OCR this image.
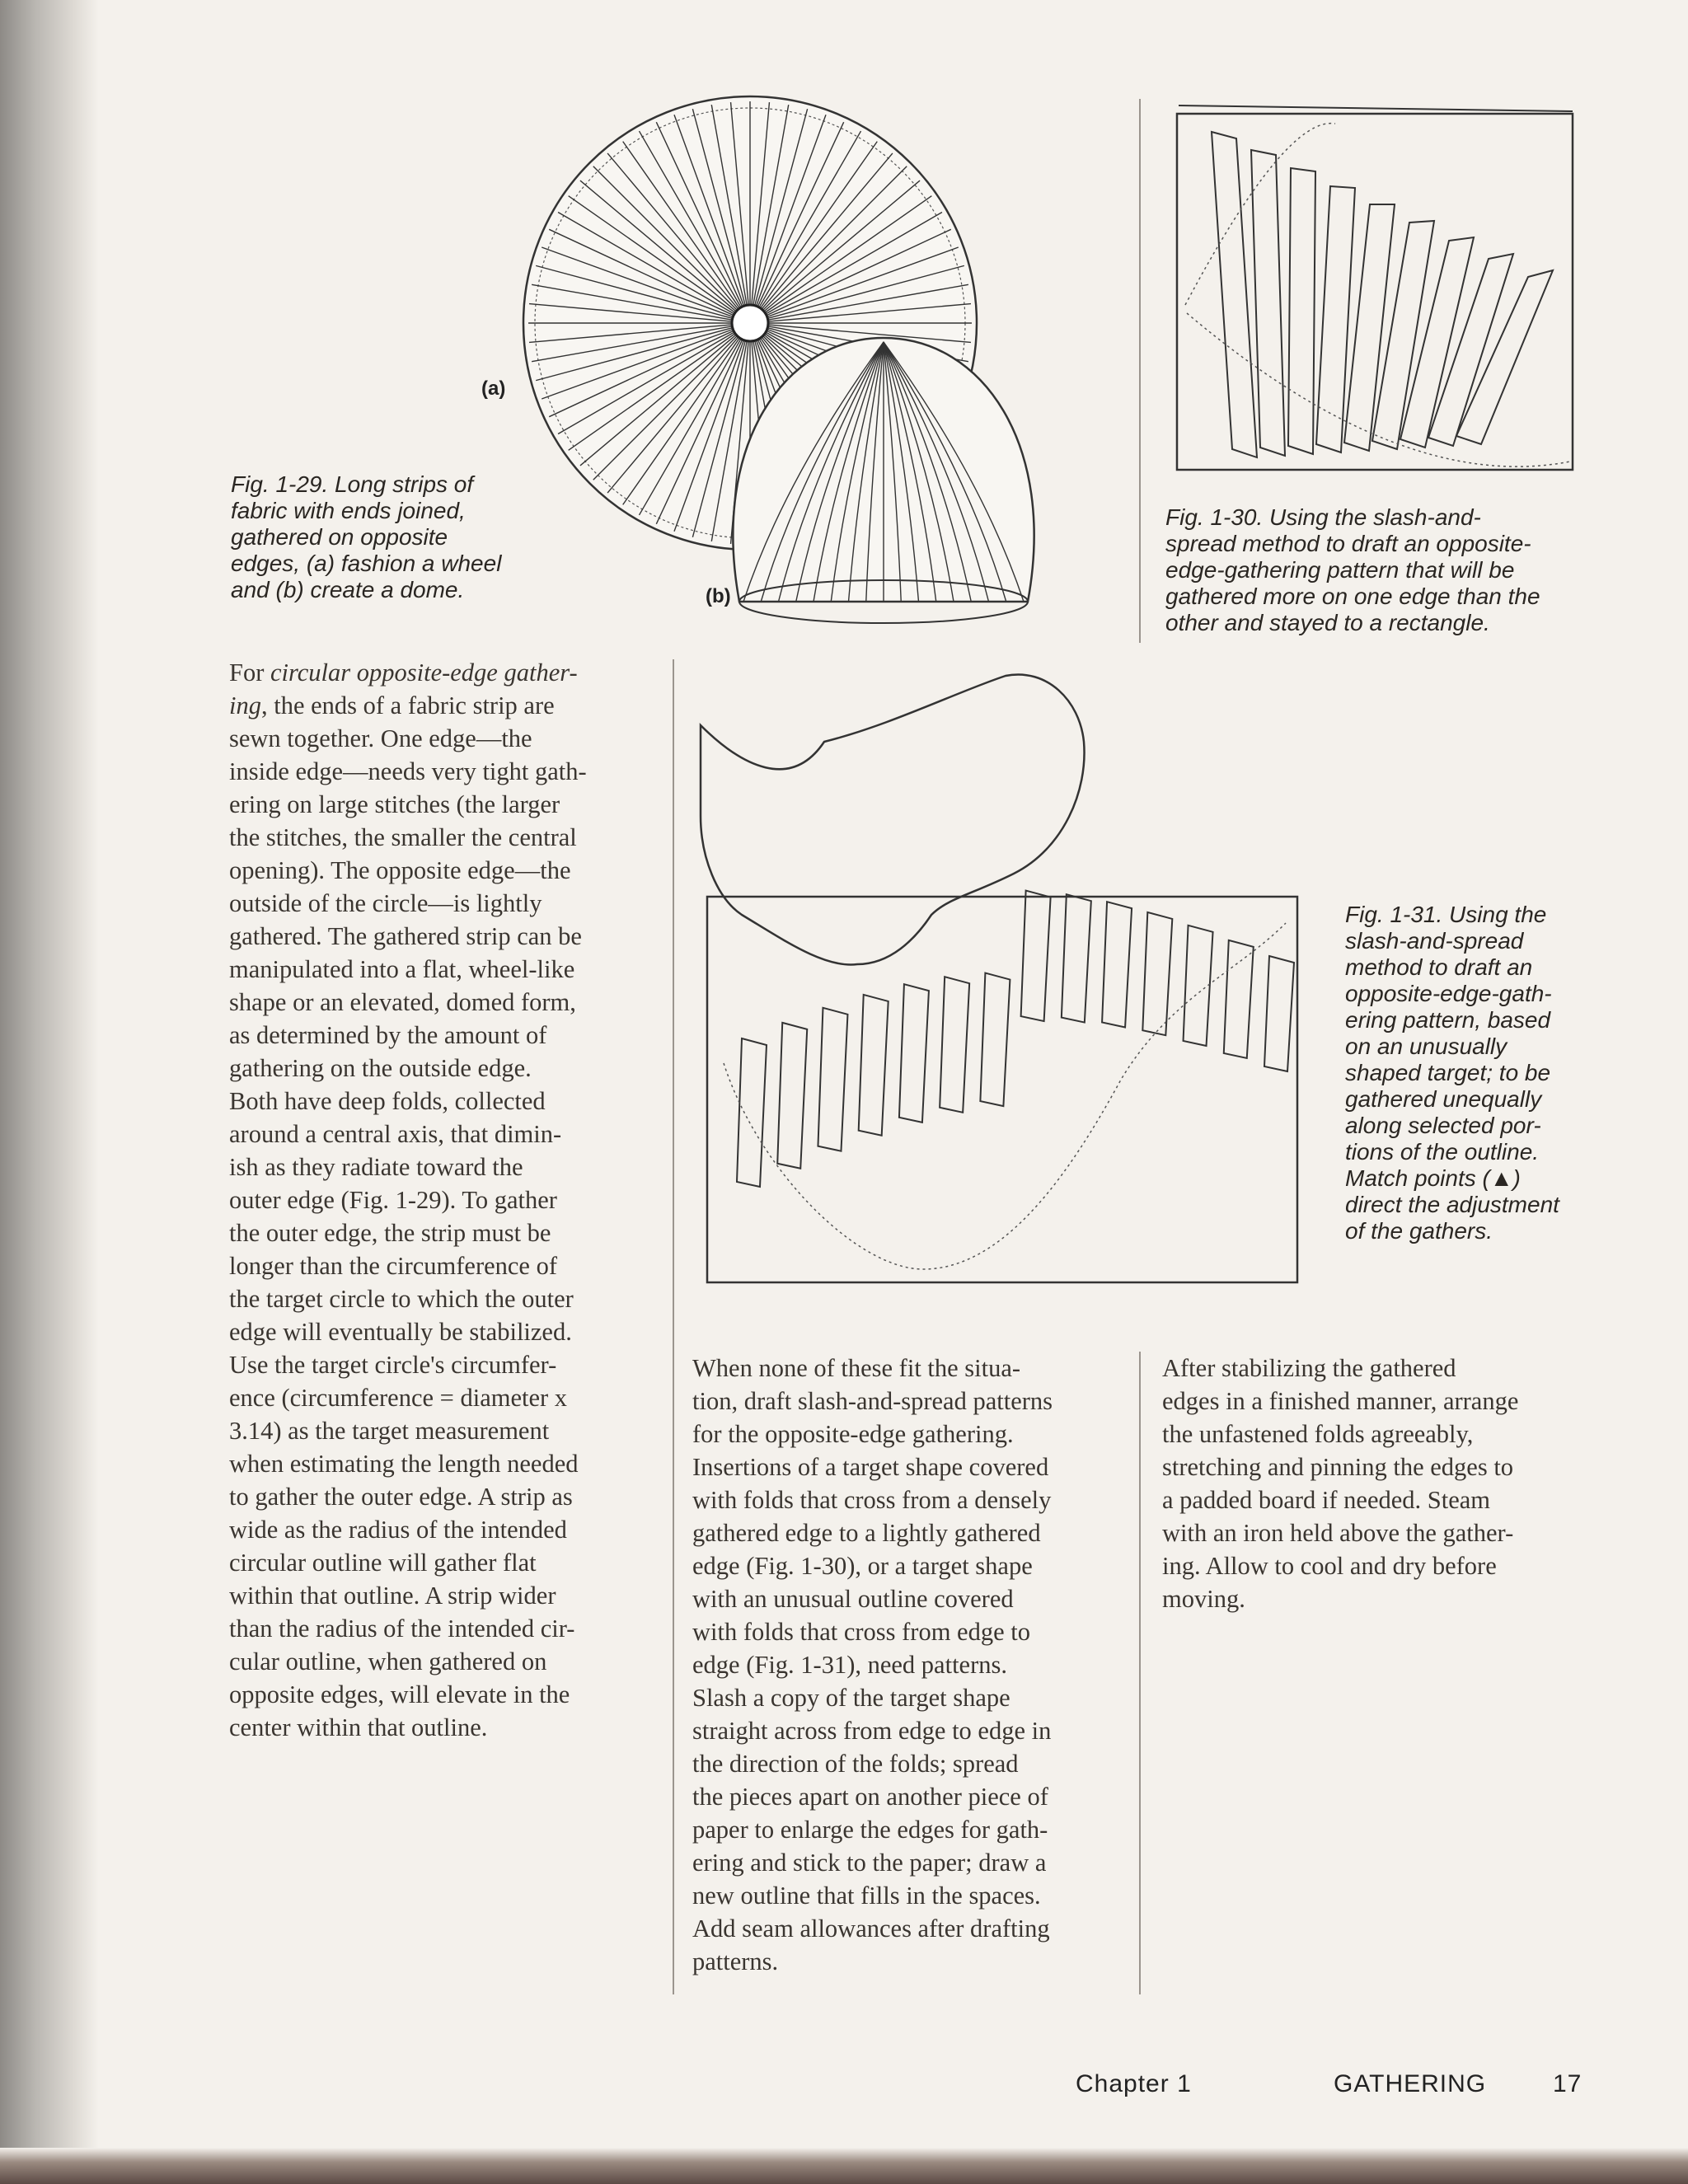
(a)
(b)
Fig. 1-29. Long strips of
fabric with ends joined,
gathered on opposite
edges, (a) fashion a wheel
and (b) create a dome.
Fig. 1-30. Using the slash-and-
spread method to draft an opposite-
edge-gathering pattern that will be
gathered more on one edge than the
other and stayed to a rectangle.
Fig. 1-31. Using the
slash-and-spread
method to draft an
opposite-edge-gath-
ering pattern, based
on an unusually
shaped target; to be
gathered unequally
along selected por-
tions of the outline.
Match points (▲)
direct the adjustment
of the gathers.
For circular opposite-edge gather-
ing, the ends of a fabric strip are
sewn together. One edge—the
inside edge—needs very tight gath-
ering on large stitches (the larger
the stitches, the smaller the central
opening). The opposite edge—the
outside of the circle—is lightly
gathered. The gathered strip can be
manipulated into a flat, wheel-like
shape or an elevated, domed form,
as determined by the amount of
gathering on the outside edge.
Both have deep folds, collected
around a central axis, that dimin-
ish as they radiate toward the
outer edge (Fig. 1-29). To gather
the outer edge, the strip must be
longer than the circumference of
the target circle to which the outer
edge will eventually be stabilized.
Use the target circle's circumfer-
ence (circumference = diameter x
3.14) as the target measurement
when estimating the length needed
to gather the outer edge. A strip as
wide as the radius of the intended
circular outline will gather flat
within that outline. A strip wider
than the radius of the intended cir-
cular outline, when gathered on
opposite edges, will elevate in the
center within that outline.
When none of these fit the situa-
tion, draft slash-and-spread patterns
for the opposite-edge gathering.
Insertions of a target shape covered
with folds that cross from a densely
gathered edge to a lightly gathered
edge (Fig. 1-30), or a target shape
with an unusual outline covered
with folds that cross from edge to
edge (Fig. 1-31), need patterns.
Slash a copy of the target shape
straight across from edge to edge in
the direction of the folds; spread
the pieces apart on another piece of
paper to enlarge the edges for gath-
ering and stick to the paper; draw a
new outline that fills in the spaces.
Add seam allowances after drafting
patterns.
After stabilizing the gathered
edges in a finished manner, arrange
the unfastened folds agreeably,
stretching and pinning the edges to
a padded board if needed. Steam
with an iron held above the gather-
ing. Allow to cool and dry before
moving.
Chapter 1	GATHERING	17
